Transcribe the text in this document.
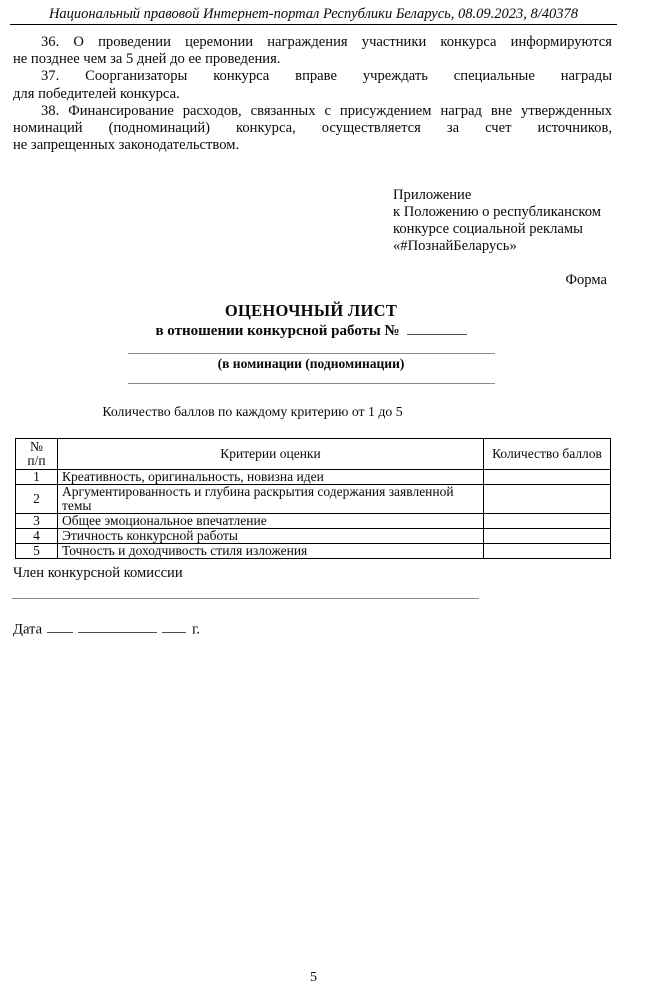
Национальный правовой Интернет-портал Республики Беларусь, 08.09.2023, 8/40378
36. О проведении церемонии награждения участники конкурса информируются
не позднее чем за 5 дней до ее проведения.
37. Соорганизаторы конкурса вправе учреждать специальные награды
для победителей конкурса.
38. Финансирование расходов, связанных с присуждением наград вне утвержденных
номинаций (подноминаций) конкурса, осуществляется за счет источников,
не запрещенных законодательством.
Приложение
к Положению о республиканском
конкурсе социальной рекламы
«#ПознайБеларусь»
Форма
ОЦЕНОЧНЫЙ ЛИСТ
в отношении конкурсной работы №
(в номинации (подноминации)
Количество баллов по каждому критерию от 1 до 5
№
п/п	Критерии оценки	Количество баллов
1	Креативность, оригинальность, новизна идеи	
2	Аргументированность и глубина раскрытия содержания заявленной темы	
3	Общее эмоциональное впечатление	
4	Этичность конкурсной работы	
5	Точность и доходчивость стиля изложения	
Член конкурсной комиссии
Дата	г.
5
